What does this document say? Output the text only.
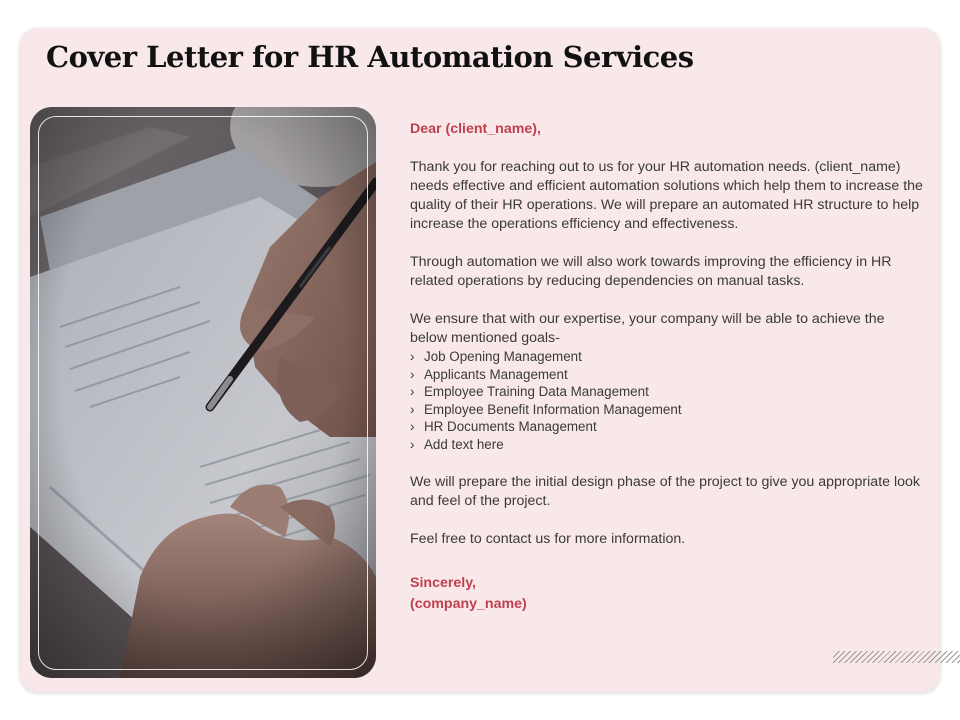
Cover Letter for HR Automation Services
Dear (client_name),

Thank you for reaching out to us for your HR automation needs. (client_name) needs effective and efficient automation solutions which help them to increase the quality of their HR operations. We will prepare an automated HR structure to help increase the operations efficiency and effectiveness.

Through automation we will also work towards improving the efficiency in HR related operations by reducing dependencies on manual tasks.

We ensure that with our expertise, your company will be able to achieve the below mentioned goals-

› Job Opening Management
› Applicants Management
› Employee Training Data Management
› Employee Benefit Information Management
› HR Documents Management
› Add text here

We will prepare the initial design phase of the project to give you appropriate look and feel of the project.

Feel free to contact us for more information.

Sincerely,
(company_name)
